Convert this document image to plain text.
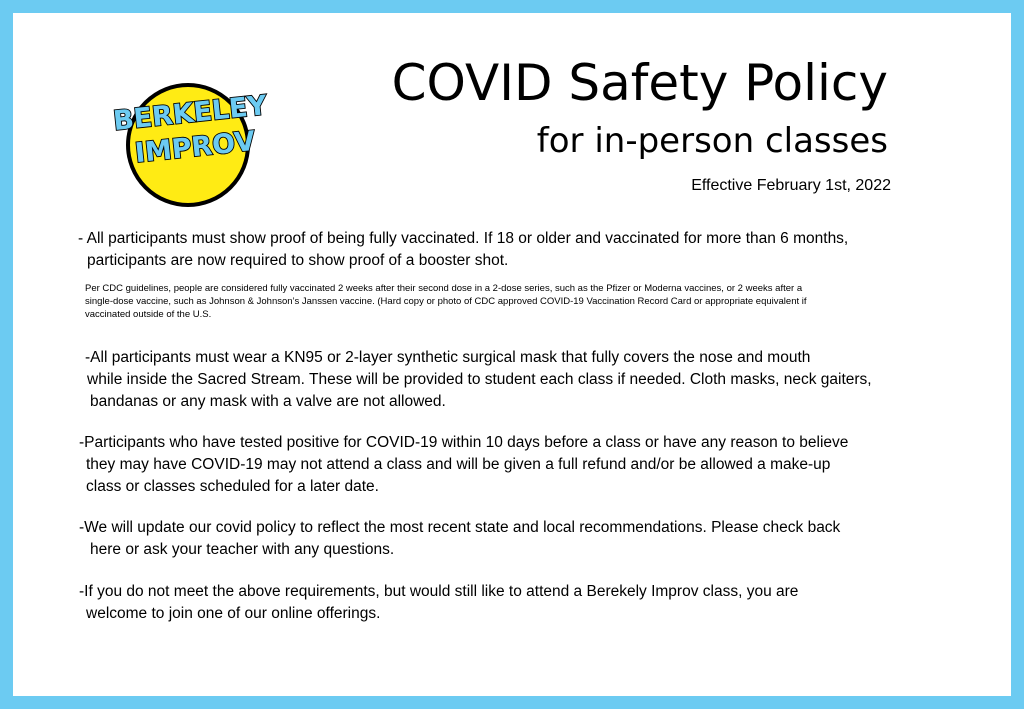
BERKELEY
IMPROV
COVID Safety Policy
for in-person classes
Effective February 1st, 2022
- All participants must show proof of being fully vaccinated. If 18 or older and vaccinated for more than 6 months,
participants are now required to show proof of a booster shot.
Per CDC guidelines, people are considered fully vaccinated 2 weeks after their second dose in a 2-dose series, such as the Pfizer or Moderna vaccines, or 2 weeks after a
single-dose vaccine, such as Johnson & Johnson’s Janssen vaccine. (Hard copy or photo of CDC approved COVID-19 Vaccination Record Card or appropriate equivalent if
vaccinated outside of the U.S.
-All participants must wear a KN95 or 2-layer synthetic surgical mask that fully covers the nose and mouth
while inside the Sacred Stream. These will be provided to student each class if needed. Cloth masks, neck gaiters,
bandanas or any mask with a valve are not allowed.
-Participants who have tested positive for COVID-19 within 10 days before a class or have any reason to believe
they may have COVID-19 may not attend a class and will be given a full refund and/or be allowed a make-up
class or classes scheduled for a later date.
-We will update our covid policy to reflect the most recent state and local recommendations. Please check back
here or ask your teacher with any questions.
-If you do not meet the above requirements, but would still like to attend a Berekely Improv class, you are
welcome to join one of our online offerings.
